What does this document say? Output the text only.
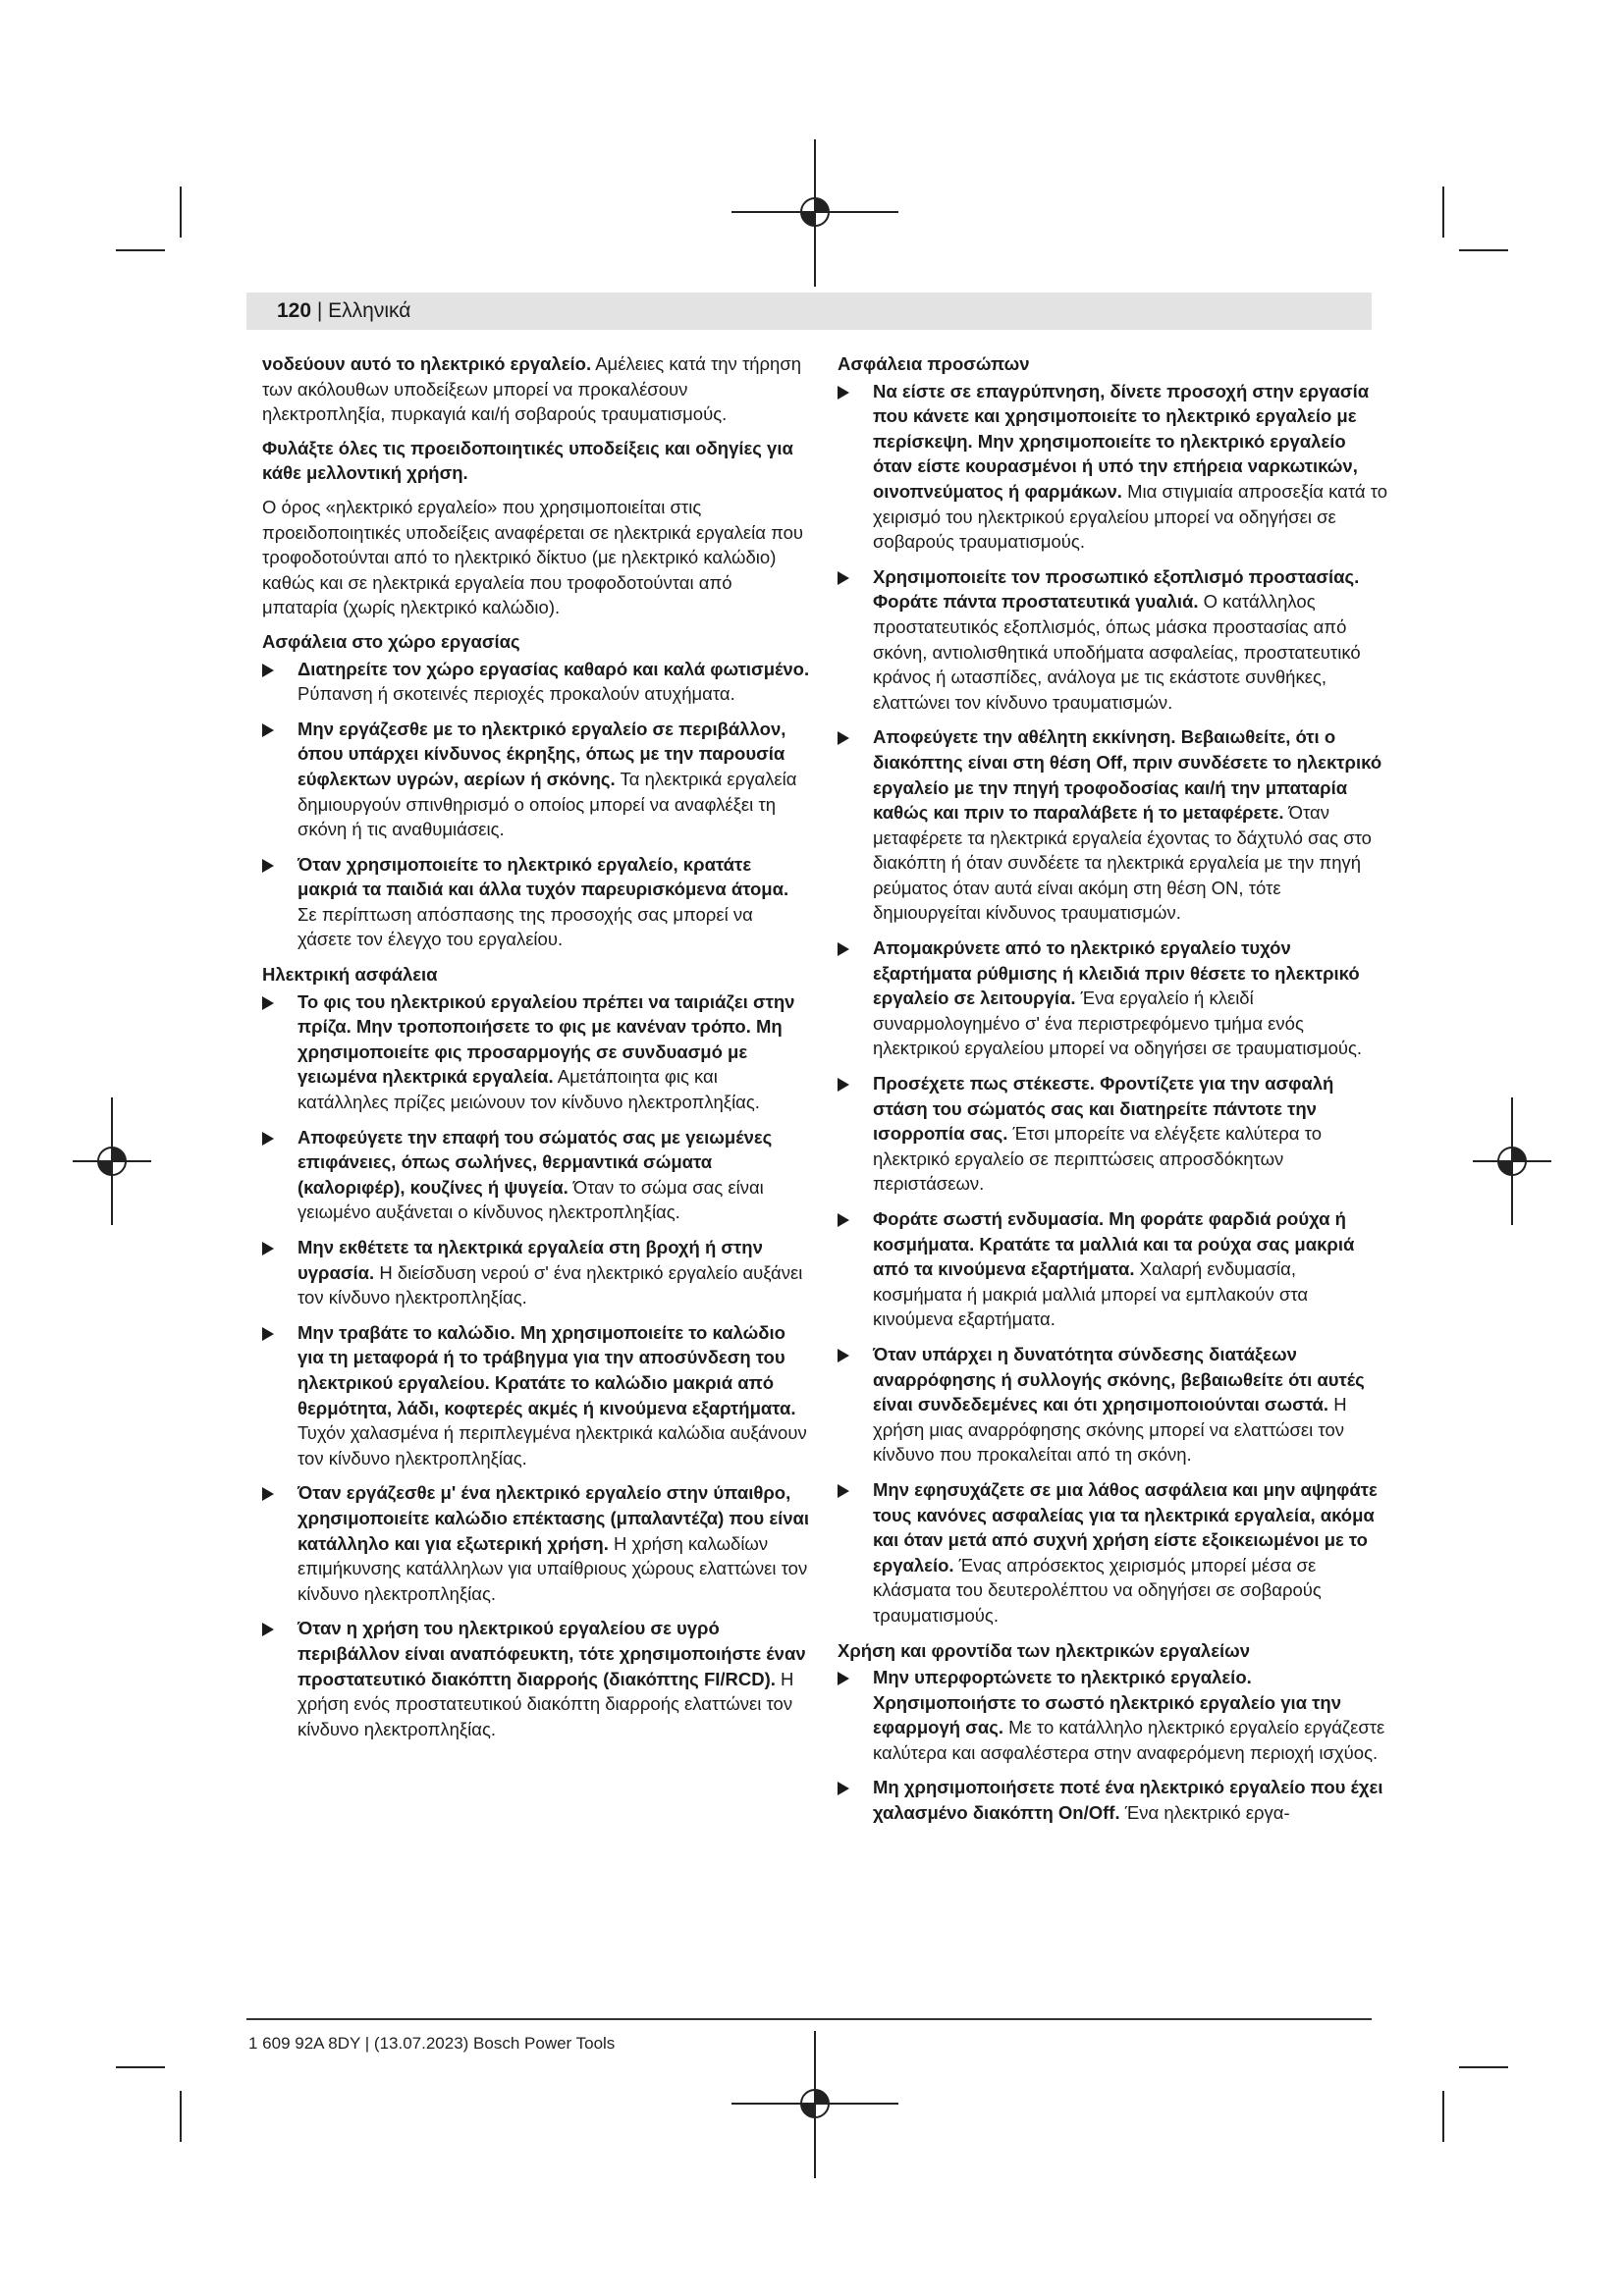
120 | Ελληνικά

νοδεύουν αυτό το ηλεκτρικό εργαλείο. Αμέλειες κατά την τήρηση των ακόλουθων υποδείξεων μπορεί να προκαλέσουν ηλεκτροπληξία, πυρκαγιά και/ή σοβαρούς τραυματισμούς.

Φυλάξτε όλες τις προειδοποιητικές υποδείξεις και οδηγίες για κάθε μελλοντική χρήση.

Ο όρος «ηλεκτρικό εργαλείο» που χρησιμοποιείται στις προειδοποιητικές υποδείξεις αναφέρεται σε ηλεκτρικά εργαλεία που τροφοδοτούνται από το ηλεκτρικό δίκτυο (με ηλεκτρικό καλώδιο) καθώς και σε ηλεκτρικά εργαλεία που τροφοδοτούνται από μπαταρία (χωρίς ηλεκτρικό καλώδιο).

Ασφάλεια στο χώρο εργασίας
Διατηρείτε τον χώρο εργασίας καθαρό και καλά φωτισμένο. Ρύπανση ή σκοτεινές περιοχές προκαλούν ατυχήματα.
Μην εργάζεσθε με το ηλεκτρικό εργαλείο σε περιβάλλον, όπου υπάρχει κίνδυνος έκρηξης, όπως με την παρουσία εύφλεκτων υγρών, αερίων ή σκόνης. Τα ηλεκτρικά εργαλεία δημιουργούν σπινθηρισμό ο οποίος μπορεί να αναφλέξει τη σκόνη ή τις αναθυμιάσεις.
Όταν χρησιμοποιείτε το ηλεκτρικό εργαλείο, κρατάτε μακριά τα παιδιά και άλλα τυχόν παρευρισκόμενα άτομα. Σε περίπτωση απόσπασης της προσοχής σας μπορεί να χάσετε τον έλεγχο του εργαλείου.
Ηλεκτρική ασφάλεια
Το φις του ηλεκτρικού εργαλείου πρέπει να ταιριάζει στην πρίζα. Μην τροποποιήσετε το φις με κανέναν τρόπο. Μη χρησιμοποιείτε φις προσαρμογής σε συνδυασμό με γειωμένα ηλεκτρικά εργαλεία. Αμετάποιητα φις και κατάλληλες πρίζες μειώνουν τον κίνδυνο ηλεκτροπληξίας.
Αποφεύγετε την επαφή του σώματός σας με γειωμένες επιφάνειες, όπως σωλήνες, θερμαντικά σώματα (καλοριφέρ), κουζίνες ή ψυγεία. Όταν το σώμα σας είναι γειωμένο αυξάνεται ο κίνδυνος ηλεκτροπληξίας.
Μην εκθέτετε τα ηλεκτρικά εργαλεία στη βροχή ή στην υγρασία. Η διείσδυση νερού σ' ένα ηλεκτρικό εργαλείο αυξάνει τον κίνδυνο ηλεκτροπληξίας.
Μην τραβάτε το καλώδιο. Μη χρησιμοποιείτε το καλώδιο για τη μεταφορά ή το τράβηγμα για την αποσύνδεση του ηλεκτρικού εργαλείου. Κρατάτε το καλώδιο μακριά από θερμότητα, λάδι, κοφτερές ακμές ή κινούμενα εξαρτήματα. Τυχόν χαλασμένα ή περιπλεγμένα ηλεκτρικά καλώδια αυξάνουν τον κίνδυνο ηλεκτροπληξίας.
Όταν εργάζεσθε μ' ένα ηλεκτρικό εργαλείο στην ύπαιθρο, χρησιμοποιείτε καλώδιο επέκτασης (μπαλαντέζα) που είναι κατάλληλο και για εξωτερική χρήση. Η χρήση καλωδίων επιμήκυνσης κατάλληλων για υπαίθριους χώρους ελαττώνει τον κίνδυνο ηλεκτροπληξίας.
Όταν η χρήση του ηλεκτρικού εργαλείου σε υγρό περιβάλλον είναι αναπόφευκτη, τότε χρησιμοποιήστε έναν προστατευτικό διακόπτη διαρροής (διακόπτης FI/RCD). Η χρήση ενός προστατευτικού διακόπτη διαρροής ελαττώνει τον κίνδυνο ηλεκτροπληξίας.
Ασφάλεια προσώπων
Να είστε σε επαγρύπνηση, δίνετε προσοχή στην εργασία που κάνετε και χρησιμοποιείτε το ηλεκτρικό εργαλείο με περίσκεψη. Μην χρησιμοποιείτε το ηλεκτρικό εργαλείο όταν είστε κουρασμένοι ή υπό την επήρεια ναρκωτικών, οινοπνεύματος ή φαρμάκων. Μια στιγμιαία απροσεξία κατά το χειρισμό του ηλεκτρικού εργαλείου μπορεί να οδηγήσει σε σοβαρούς τραυματισμούς.
Χρησιμοποιείτε τον προσωπικό εξοπλισμό προστασίας. Φοράτε πάντα προστατευτικά γυαλιά. Ο κατάλληλος προστατευτικός εξοπλισμός, όπως μάσκα προστασίας από σκόνη, αντιολισθητικά υποδήματα ασφαλείας, προστατευτικό κράνος ή ωτασπίδες, ανάλογα με τις εκάστοτε συνθήκες, ελαττώνει τον κίνδυνο τραυματισμών.
Αποφεύγετε την αθέλητη εκκίνηση. Βεβαιωθείτε, ότι ο διακόπτης είναι στη θέση Off, πριν συνδέσετε το ηλεκτρικό εργαλείο με την πηγή τροφοδοσίας και/ή την μπαταρία καθώς και πριν το παραλάβετε ή το μεταφέρετε. Όταν μεταφέρετε τα ηλεκτρικά εργαλεία έχοντας το δάχτυλό σας στο διακόπτη ή όταν συνδέετε τα ηλεκτρικά εργαλεία με την πηγή ρεύματος όταν αυτά είναι ακόμη στη θέση ON, τότε δημιουργείται κίνδυνος τραυματισμών.
Απομακρύνετε από το ηλεκτρικό εργαλείο τυχόν εξαρτήματα ρύθμισης ή κλειδιά πριν θέσετε το ηλεκτρικό εργαλείο σε λειτουργία. Ένα εργαλείο ή κλειδί συναρμολογημένο σ' ένα περιστρεφόμενο τμήμα ενός ηλεκτρικού εργαλείου μπορεί να οδηγήσει σε τραυματισμούς.
Προσέχετε πως στέκεστε. Φροντίζετε για την ασφαλή στάση του σώματός σας και διατηρείτε πάντοτε την ισορροπία σας. Έτσι μπορείτε να ελέγξετε καλύτερα το ηλεκτρικό εργαλείο σε περιπτώσεις απροσδόκητων περιστάσεων.
Φοράτε σωστή ενδυμασία. Μη φοράτε φαρδιά ρούχα ή κοσμήματα. Κρατάτε τα μαλλιά και τα ρούχα σας μακριά από τα κινούμενα εξαρτήματα. Χαλαρή ενδυμασία, κοσμήματα ή μακριά μαλλιά μπορεί να εμπλακούν στα κινούμενα εξαρτήματα.
Όταν υπάρχει η δυνατότητα σύνδεσης διατάξεων αναρρόφησης ή συλλογής σκόνης, βεβαιωθείτε ότι αυτές είναι συνδεδεμένες και ότι χρησιμοποιούνται σωστά. Η χρήση μιας αναρρόφησης σκόνης μπορεί να ελαττώσει τον κίνδυνο που προκαλείται από τη σκόνη.
Μην εφησυχάζετε σε μια λάθος ασφάλεια και μην αψηφάτε τους κανόνες ασφαλείας για τα ηλεκτρικά εργαλεία, ακόμα και όταν μετά από συχνή χρήση είστε εξοικειωμένοι με το εργαλείο. Ένας απρόσεκτος χειρισμός μπορεί μέσα σε κλάσματα του δευτερολέπτου να οδηγήσει σε σοβαρούς τραυματισμούς.
Χρήση και φροντίδα των ηλεκτρικών εργαλείων
Μην υπερφορτώνετε το ηλεκτρικό εργαλείο. Χρησιμοποιήστε το σωστό ηλεκτρικό εργαλείο για την εφαρμογή σας. Με το κατάλληλο ηλεκτρικό εργαλείο εργάζεστε καλύτερα και ασφαλέστερα στην αναφερόμενη περιοχή ισχύος.
Μη χρησιμοποιήσετε ποτέ ένα ηλεκτρικό εργαλείο που έχει χαλασμένο διακόπτη On/Off. Ένα ηλεκτρικό εργα-
1 609 92A 8DY | (13.07.2023) Bosch Power Tools
